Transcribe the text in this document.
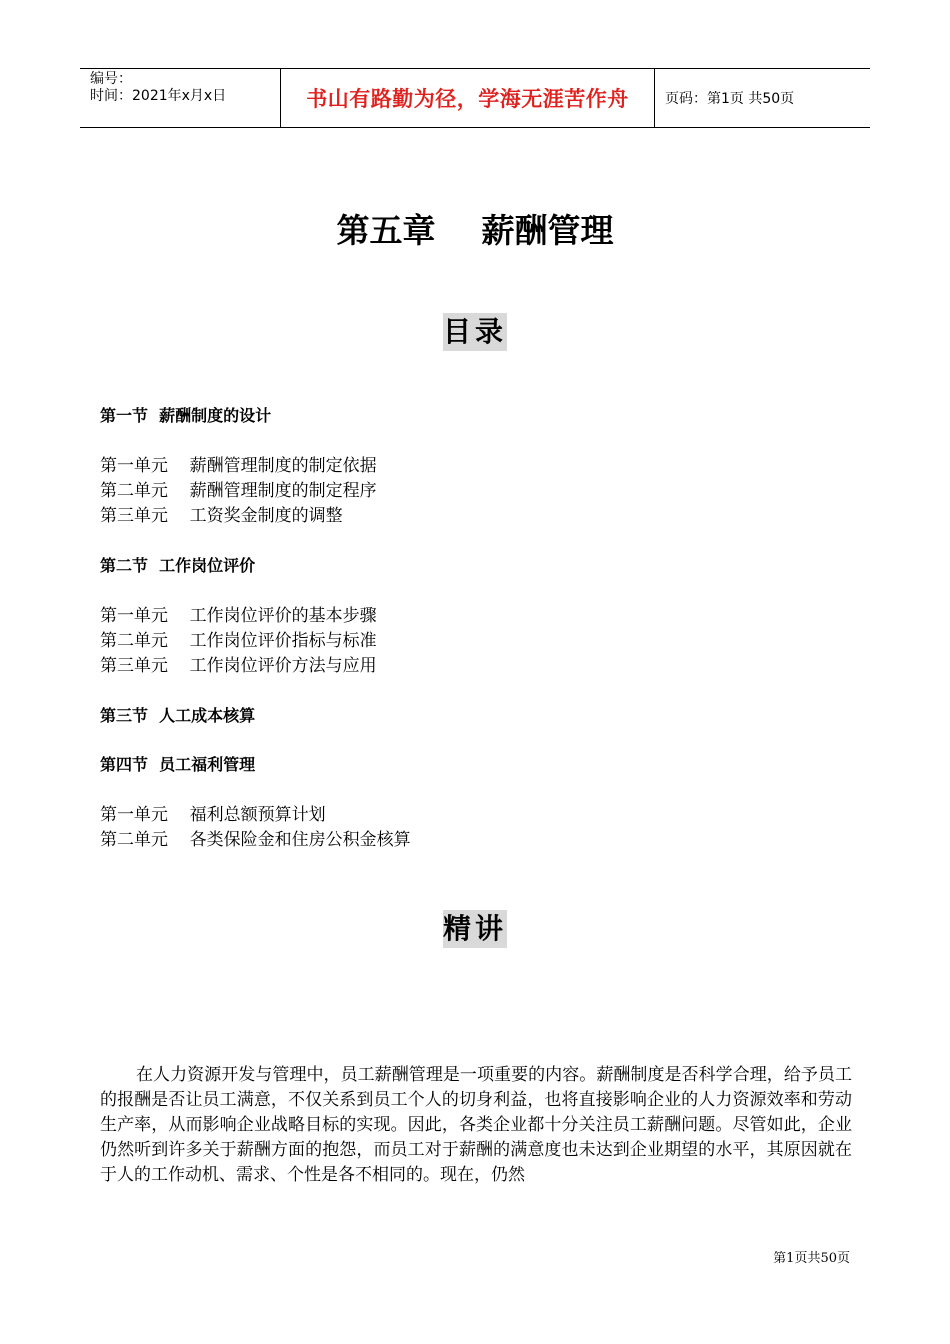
编号：
时间：2021年x月x日	书山有路勤为径，学海无涯苦作舟	页码：第1页 共50页
第五章    薪酬管理
目录
第一节  薪酬制度的设计
第一单元    薪酬管理制度的制定依据
第二单元    薪酬管理制度的制定程序
第三单元    工资奖金制度的调整
第二节  工作岗位评价
第一单元    工作岗位评价的基本步骤
第二单元    工作岗位评价指标与标准
第三单元    工作岗位评价方法与应用
第三节  人工成本核算
第四节  员工福利管理
第一单元    福利总额预算计划
第二单元    各类保险金和住房公积金核算
精讲
在人力资源开发与管理中，员工薪酬管理是一项重要的内容。薪酬制度是否科学合理，给予员工的报酬是否让员工满意，不仅关系到员工个人的切身利益，也将直接影响企业的人力资源效率和劳动生产率，从而影响企业战略目标的实现。因此，各类企业都十分关注员工薪酬问题。尽管如此，企业仍然听到许多关于薪酬方面的抱怨，而员工对于薪酬的满意度也未达到企业期望的水平，其原因就在于人的工作动机、需求、个性是各不相同的。现在，仍然
第1页共50页
